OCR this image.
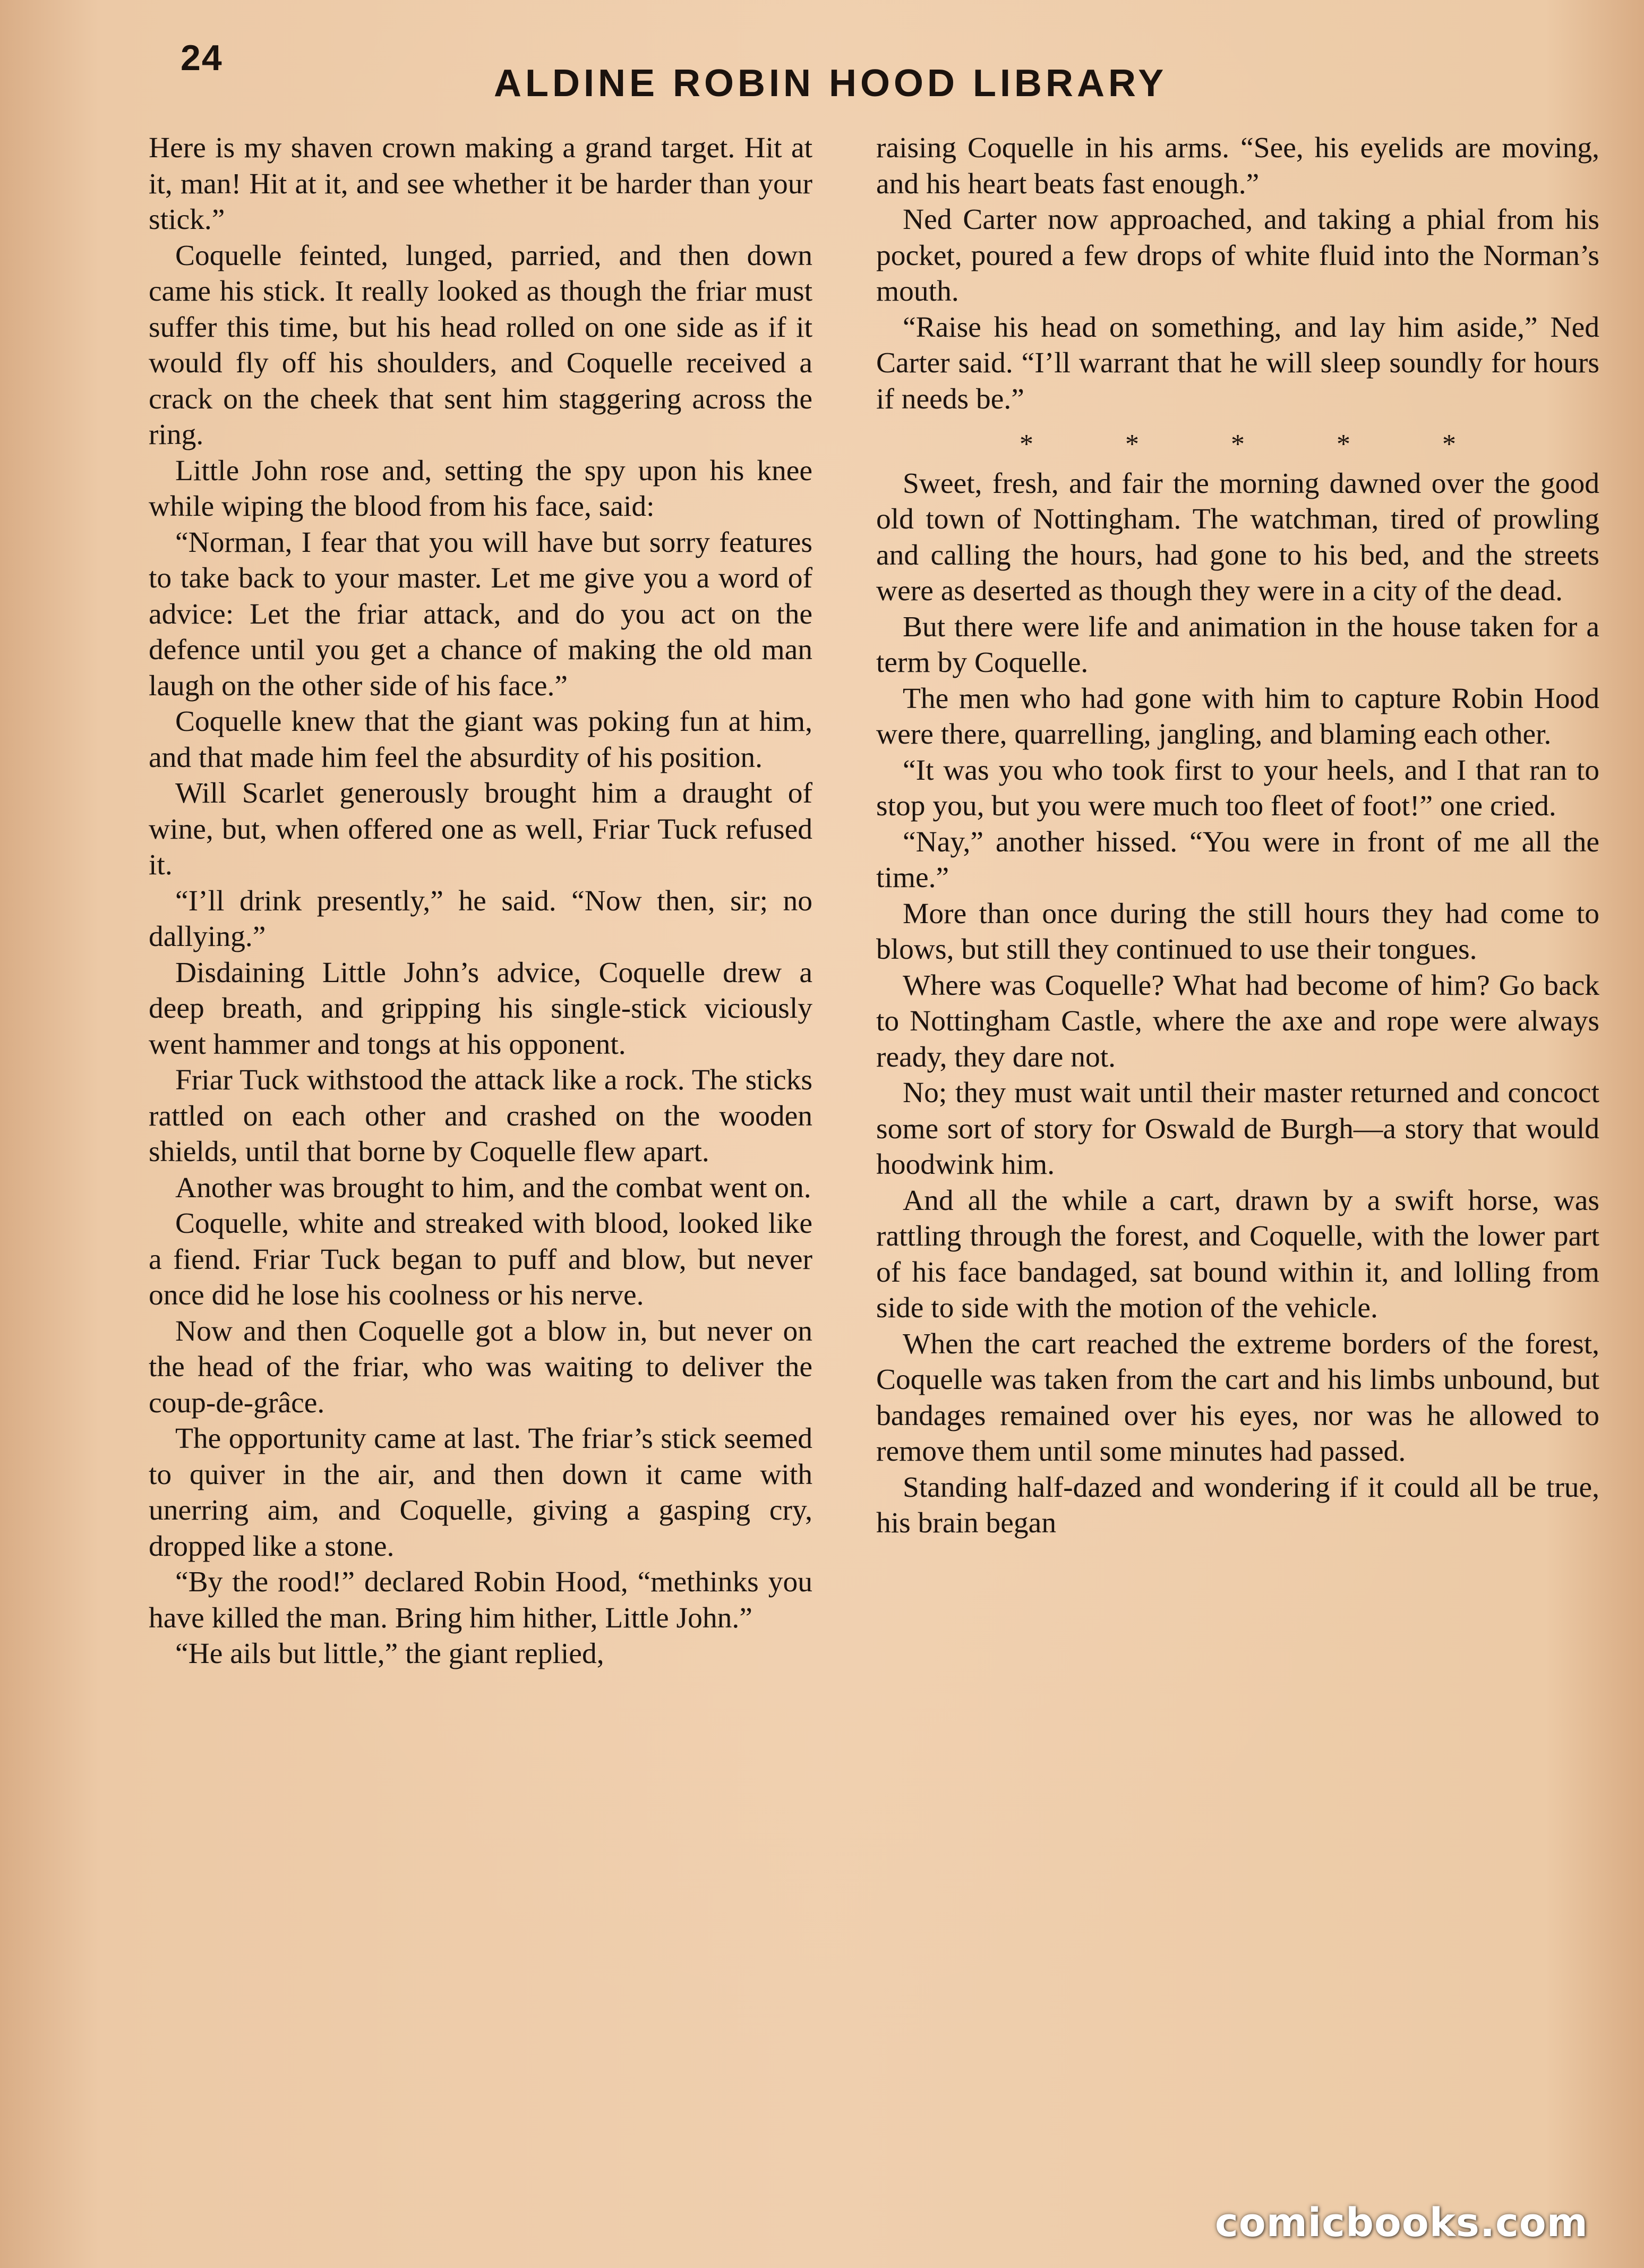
24
ALDINE ROBIN HOOD LIBRARY

Here is my shaven crown making a grand target. Hit at it, man! Hit at it, and see whether it be harder than your stick.”

Coquelle feinted, lunged, parried, and then down came his stick. It really looked as though the friar must suffer this time, but his head rolled on one side as if it would fly off his shoulders, and Coquelle received a crack on the cheek that sent him staggering across the ring.

Little John rose and, setting the spy upon his knee while wiping the blood from his face, said:

“Norman, I fear that you will have but sorry features to take back to your master. Let me give you a word of advice: Let the friar attack, and do you act on the defence until you get a chance of making the old man laugh on the other side of his face.”

Coquelle knew that the giant was poking fun at him, and that made him feel the absurdity of his position.

Will Scarlet generously brought him a draught of wine, but, when offered one as well, Friar Tuck refused it.

“I’ll drink presently,” he said. “Now then, sir; no dallying.”

Disdaining Little John’s advice, Coquelle drew a deep breath, and gripping his single-stick viciously went hammer and tongs at his opponent.

Friar Tuck withstood the attack like a rock. The sticks rattled on each other and crashed on the wooden shields, until that borne by Coquelle flew apart.

Another was brought to him, and the combat went on.

Coquelle, white and streaked with blood, looked like a fiend. Friar Tuck began to puff and blow, but never once did he lose his coolness or his nerve.

Now and then Coquelle got a blow in, but never on the head of the friar, who was waiting to deliver the coup-de-grâce.

The opportunity came at last. The friar’s stick seemed to quiver in the air, and then down it came with unerring aim, and Coquelle, giving a gasping cry, dropped like a stone.

“By the rood!” declared Robin Hood, “methinks you have killed the man. Bring him hither, Little John.”

“He ails but little,” the giant replied,

raising Coquelle in his arms. “See, his eyelids are moving, and his heart beats fast enough.”

Ned Carter now approached, and taking a phial from his pocket, poured a few drops of white fluid into the Norman’s mouth.

“Raise his head on something, and lay him aside,” Ned Carter said. “I’ll warrant that he will sleep soundly for hours if needs be.”

* * * * *

Sweet, fresh, and fair the morning dawned over the good old town of Nottingham. The watchman, tired of prowling and calling the hours, had gone to his bed, and the streets were as deserted as though they were in a city of the dead.

But there were life and animation in the house taken for a term by Coquelle.

The men who had gone with him to capture Robin Hood were there, quarrelling, jangling, and blaming each other.

“It was you who took first to your heels, and I that ran to stop you, but you were much too fleet of foot!” one cried.

“Nay,” another hissed. “You were in front of me all the time.”

More than once during the still hours they had come to blows, but still they continued to use their tongues.

Where was Coquelle? What had become of him? Go back to Nottingham Castle, where the axe and rope were always ready, they dare not.

No; they must wait until their master returned and concoct some sort of story for Oswald de Burgh—a story that would hoodwink him.

And all the while a cart, drawn by a swift horse, was rattling through the forest, and Coquelle, with the lower part of his face bandaged, sat bound within it, and lolling from side to side with the motion of the vehicle.

When the cart reached the extreme borders of the forest, Coquelle was taken from the cart and his limbs unbound, but bandages remained over his eyes, nor was he allowed to remove them until some minutes had passed.

Standing half-dazed and wondering if it could all be true, his brain began

comicbooks.com
